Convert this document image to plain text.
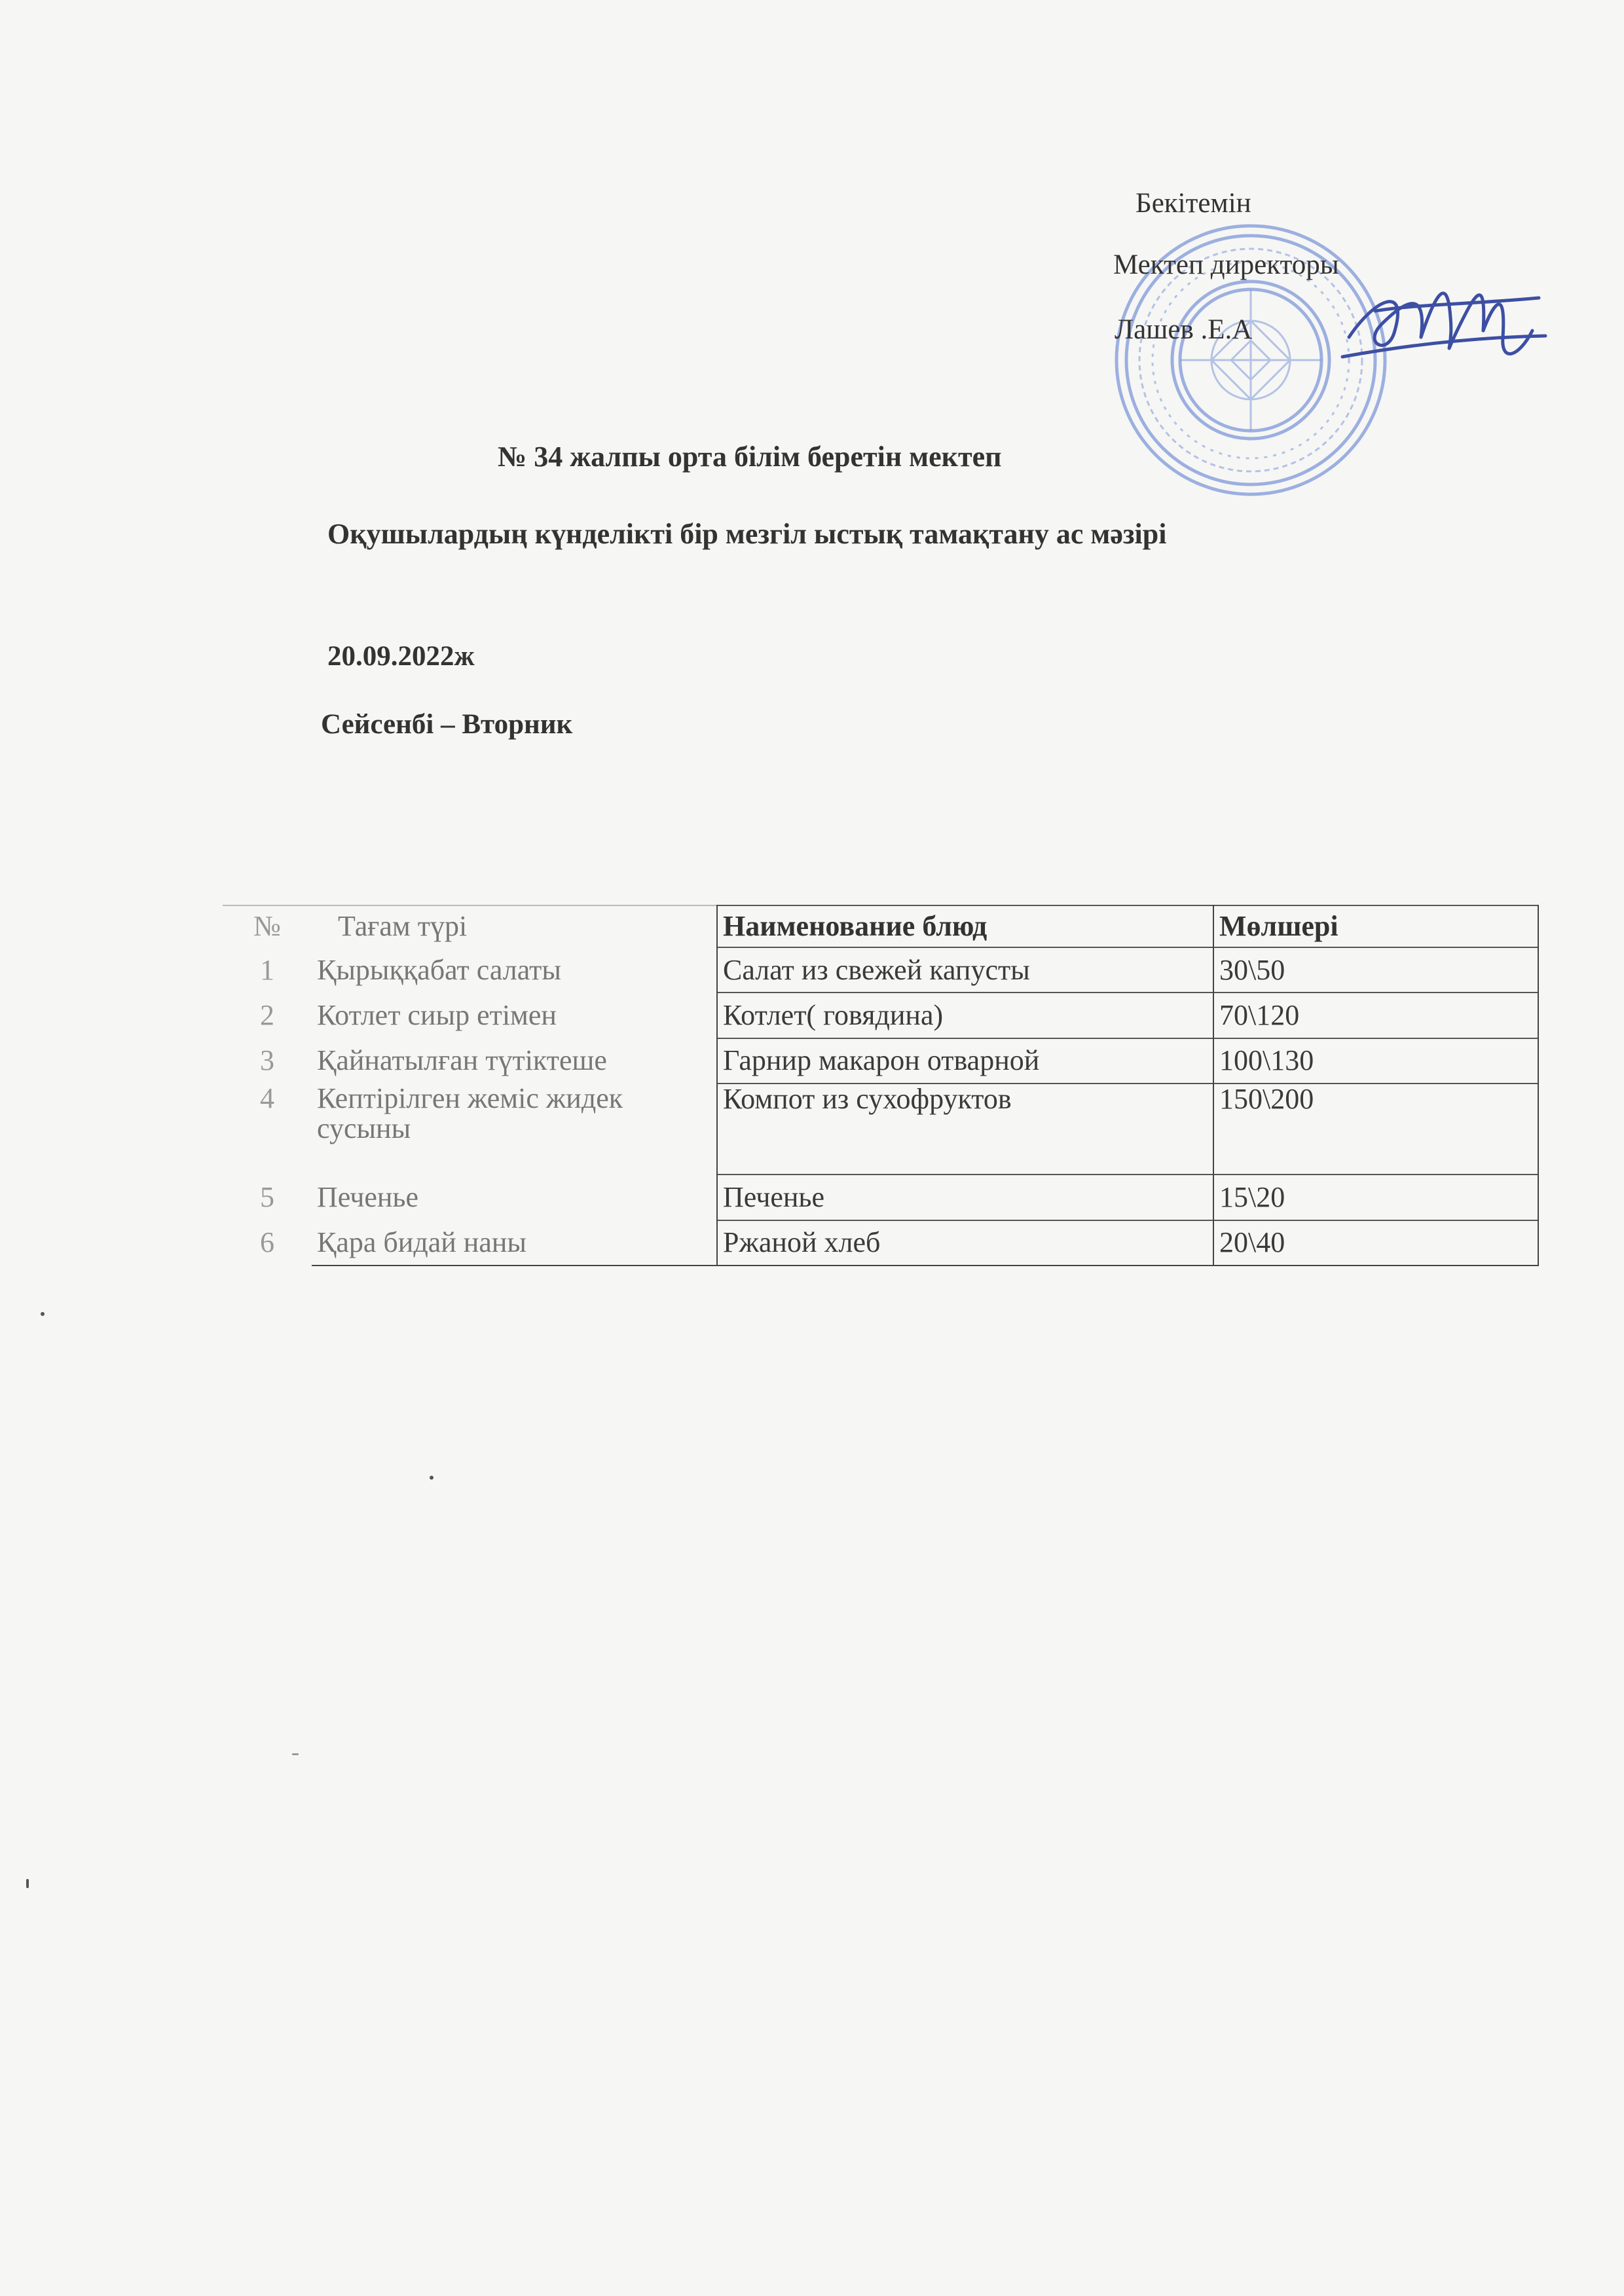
Бекітемін
Мектеп директоры
Лашев .Е.А
№ 34 жалпы орта білім беретін мектеп
Оқушылардың күнделікті бір мезгіл ыстық тамақтану ас мәзірі
20.09.2022ж
Сейсенбі – Вторник
№	Тағам түрі	Наименование блюд	Мөлшері
1	Қырыққабат салаты	Салат из свежей капусты	30\50
2	Котлет сиыр етімен	Котлет( говядина)	70\120
3	Қайнатылған түтіктеше	Гарнир макарон отварной	100\130
4	Кептірілген жеміс жидек сусыны	Компот из сухофруктов	150\200
5	Печенье	Печенье	15\20
6	Қара бидай наны	Ржаной хлеб	20\40
